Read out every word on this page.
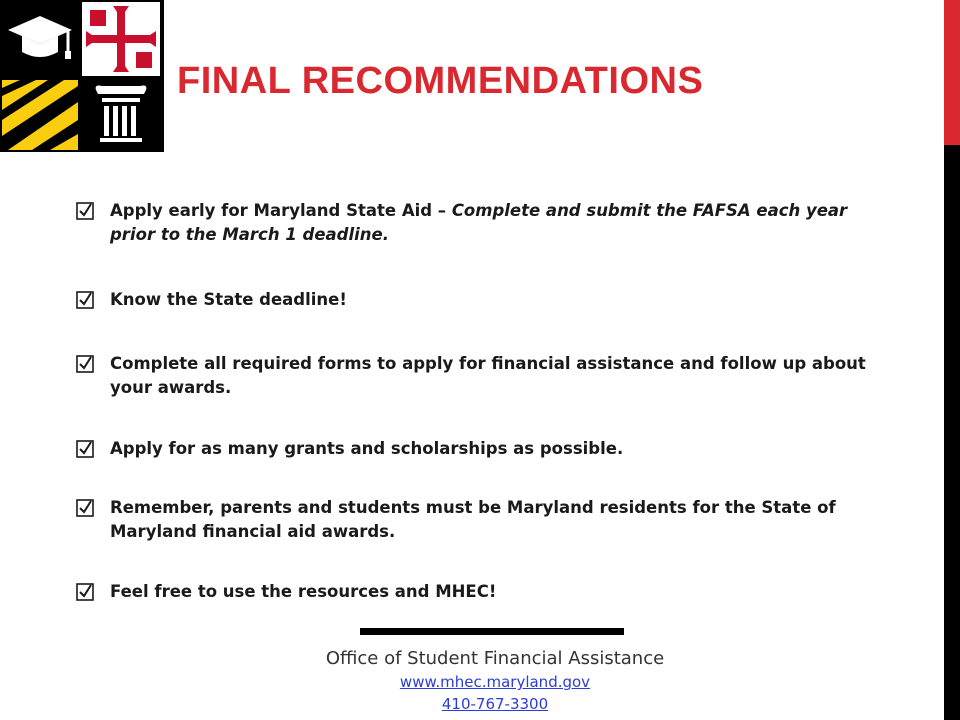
FINAL RECOMMENDATIONS
Apply early for Maryland State Aid – Complete and submit the FAFSA each year prior to the March 1 deadline.
Know the State deadline!
Complete all required forms to apply for financial assistance and follow up about your awards.
Apply for as many grants and scholarships as possible.
Remember, parents and students must be Maryland residents for the State of Maryland financial aid awards.
Feel free to use the resources and MHEC!
Office of Student Financial Assistance
www.mhec.maryland.gov
410-767-3300
